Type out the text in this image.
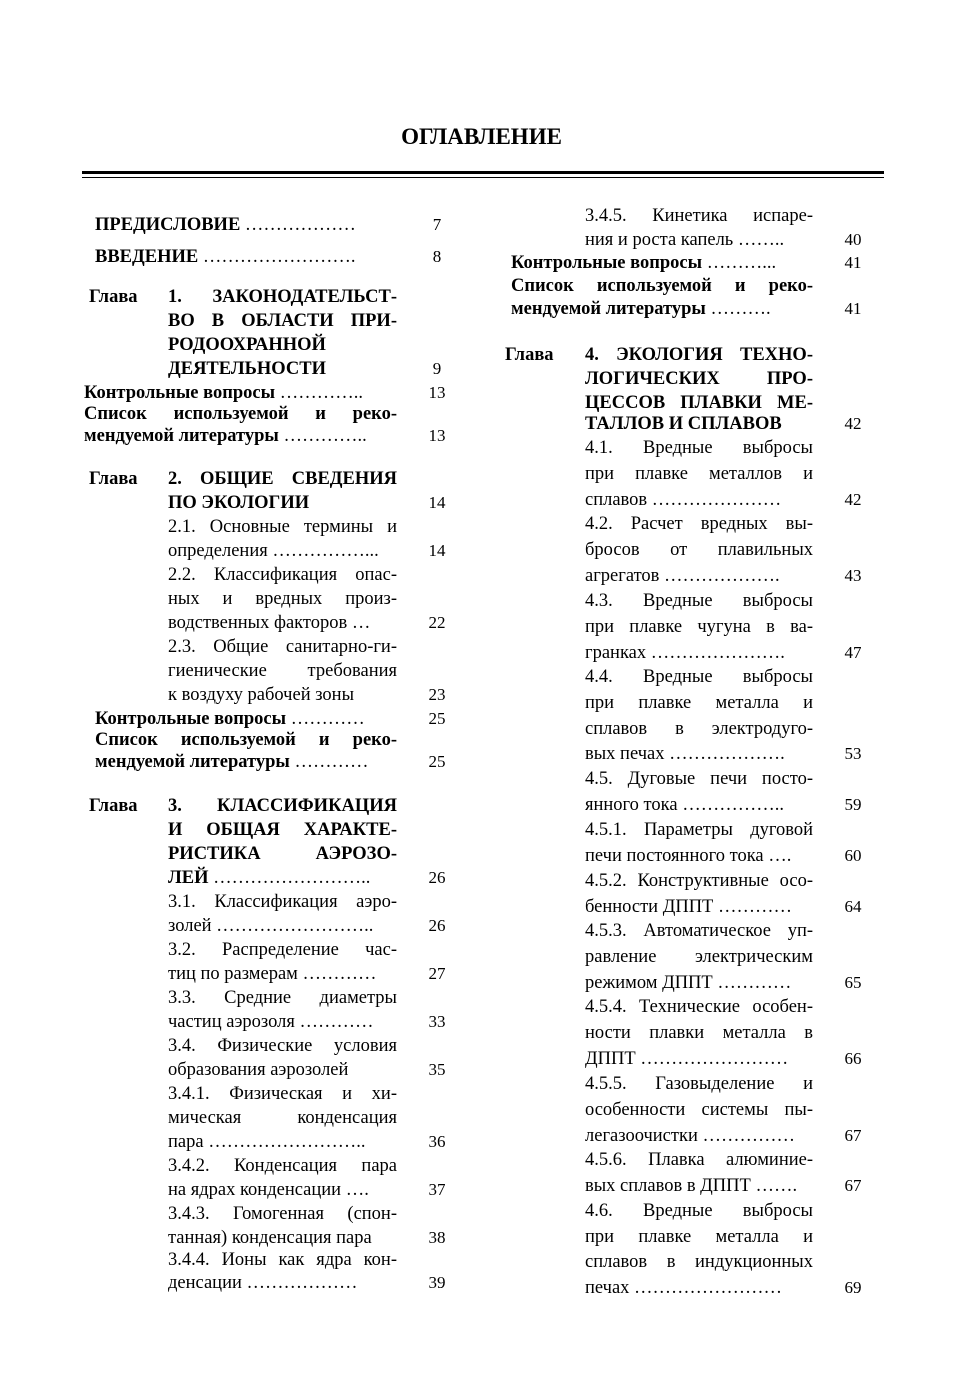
ОГЛАВЛЕНИЕ
ПРЕДИСЛОВИЕ ………………	7
ВВЕДЕНИЕ …………………….	8
Глава 1. ЗАКОНОДАТЕЛЬСТ-
ВО В ОБЛАСТИ ПРИ-
РОДООХРАННОЙ
ДЕЯТЕЛЬНОСТИ	9
Контрольные вопросы …………..	13
Список используемой и реко-
мендуемой литературы …………..	13
Глава 2. ОБЩИЕ СВЕДЕНИЯ
ПО ЭКОЛОГИИ	14
2.1. Основные термины и
определения ……………...	14
2.2. Классификация опас-
ных и вредных произ-
водственных факторов …	22
2.3. Общие санитарно-ги-
гиенические требования
к воздуху рабочей зоны	23
Контрольные вопросы …………	25
Список используемой и реко-
мендуемой литературы …………	25
Глава 3. КЛАССИФИКАЦИЯ
И ОБЩАЯ ХАРАКТЕ-
РИСТИКА АЭРОЗО-
ЛЕЙ ……………………..	26
3.1. Классификация аэро-
золей ……………………..	26
3.2. Распределение час-
тиц по размерам …………	27
3.3. Средние диаметры
частиц аэрозоля …………	33
3.4. Физические условия
образования аэрозолей	35
3.4.1. Физическая и хи-
мическая конденсация
пара ……………………..	36
3.4.2. Конденсация пара
на ядрах конденсации ….	37
3.4.3. Гомогенная (спон-
танная) конденсация пара	38
3.4.4. Ионы как ядра кон-
денсации ………………	39
3.4.5. Кинетика испаре-
ния и роста капель ……..	40
Контрольные вопросы ………...	41
Список используемой и реко-
мендуемой литературы ……….	41
Глава 4. ЭКОЛОГИЯ ТЕХНО-
ЛОГИЧЕСКИХ ПРО-
ЦЕССОВ ПЛАВКИ МЕ-
ТАЛЛОВ И СПЛАВОВ	42
4.1. Вредные выбросы
при плавке металлов и
сплавов …………………	42
4.2. Расчет вредных вы-
бросов от плавильных
агрегатов ……………….	43
4.3. Вредные выбросы
при плавке чугуна в ва-
гранках ………………….	47
4.4. Вредные выбросы
при плавке металла и
сплавов в электродуго-
вых печах ……………….	53
4.5. Дуговые печи посто-
янного тока ……………..	59
4.5.1. Параметры дуговой
печи постоянного тока ….	60
4.5.2. Конструктивные осо-
бенности ДППТ …………	64
4.5.3. Автоматическое уп-
равление электрическим
режимом ДППТ …………	65
4.5.4. Технические особен-
ности плавки металла в
ДППТ ……………………	66
4.5.5. Газовыделение и
особенности системы пы-
легазоочистки ……………	67
4.5.6. Плавка алюминие-
вых сплавов в ДППТ …….	67
4.6. Вредные выбросы
при плавке металла и
сплавов в индукционных
печах ……………………	69
